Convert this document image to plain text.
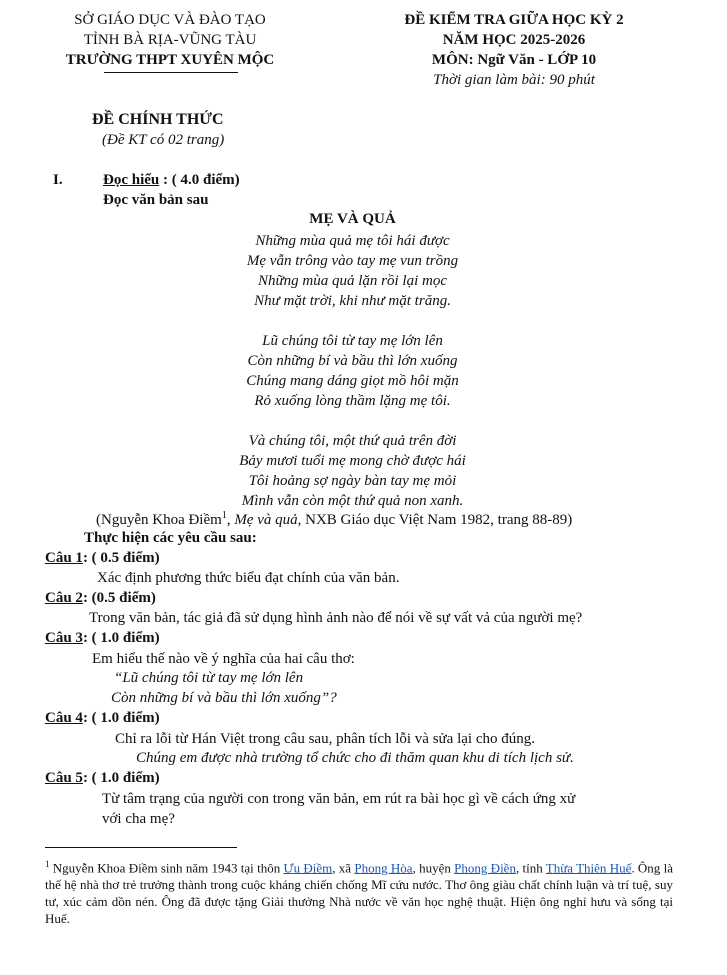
SỞ GIÁO DỤC VÀ ĐÀO TẠO
TỈNH BÀ RỊA-VŨNG TÀU
TRƯỜNG THPT XUYÊN MỘC
ĐỀ KIỂM TRA GIỮA HỌC KỲ 2
NĂM HỌC 2025-2026
MÔN: Ngữ Văn - LỚP 10
Thời gian làm bài: 90 phút
ĐỀ CHÍNH THỨC
(Đề KT có 02 trang)
I.	Đọc hiểu : ( 4.0 điểm)
Đọc văn bản sau
MẸ VÀ QUẢ
Những mùa quả mẹ tôi hái được
Mẹ vẫn trông vào tay mẹ vun trồng
Những mùa quả lặn rồi lại mọc
Như mặt trời, khi như mặt trăng.
Lũ chúng tôi từ tay mẹ lớn lên
Còn những bí và bầu thì lớn xuống
Chúng mang dáng giọt mồ hôi mặn
Rỏ xuống lòng thầm lặng mẹ tôi.
Và chúng tôi, một thứ quả trên đời
Bảy mươi tuổi mẹ mong chờ được hái
Tôi hoảng sợ ngày bàn tay mẹ mỏi
Mình vẫn còn một thứ quả non xanh.
(Nguyễn Khoa Điềm$^1$, Mẹ và quả, NXB Giáo dục Việt Nam 1982, trang 88-89)
Thực hiện các yêu cầu sau:
Câu 1: ( 0.5 điểm)
Xác định phương thức biểu đạt chính của văn bản.
Câu 2: (0.5 điểm)
Trong văn bản, tác giả đã sử dụng hình ảnh nào để nói về sự vất vả của người mẹ?
Câu 3: ( 1.0 điểm)
Em hiểu thế nào về ý nghĩa của hai câu thơ:
“Lũ chúng tôi từ tay mẹ lớn lên
Còn những bí và bầu thì lớn xuống”?
Câu 4: ( 1.0 điểm)
Chỉ ra lỗi từ Hán Việt trong câu sau, phân tích lỗi và sửa lại cho đúng.
Chúng em được nhà trường tổ chức cho đi thăm quan khu di tích lịch sử.
Câu 5: ( 1.0 điểm)
Từ tâm trạng của người con trong văn bản, em rút ra bài học gì về cách ứng xử
với cha mẹ?
$^1$ Nguyễn Khoa Điềm sinh năm 1943 tại thôn Ưu Điềm, xã Phong Hòa, huyện Phong Điền, tỉnh Thừa Thiên Huế. Ông là thế hệ nhà thơ trẻ trưởng thành trong cuộc kháng chiến chống Mĩ cứu nước. Thơ ông giàu chất chính luận và trí tuệ, suy tư, xúc cảm dồn nén. Ông đã được tặng Giải thưởng Nhà nước về văn học nghệ thuật. Hiện ông nghỉ hưu và sống tại Huế.
